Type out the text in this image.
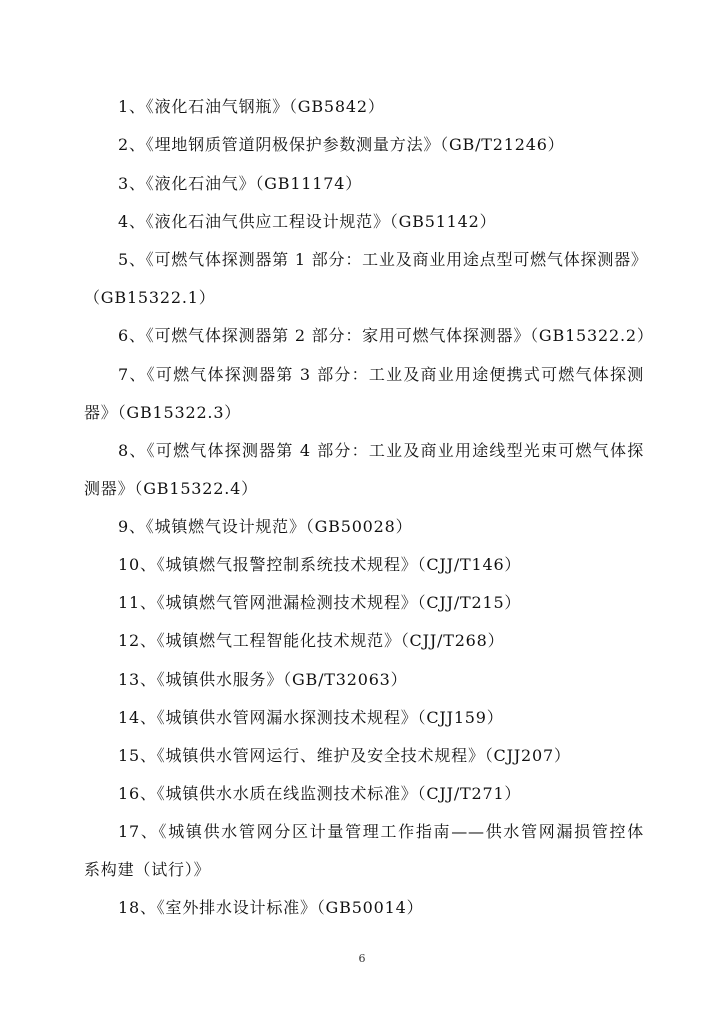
1、《液化石油气钢瓶》（GB5842）
2、《埋地钢质管道阴极保护参数测量方法》（GB/T21246）
3、《液化石油气》（GB11174）
4、《液化石油气供应工程设计规范》（GB51142）
5、《可燃气体探测器第 1 部分：工业及商业用途点型可燃气体探测器》
（GB15322.1）
6、《可燃气体探测器第 2 部分：家用可燃气体探测器》（GB15322.2）
7、《可燃气体探测器第 3 部分：工业及商业用途便携式可燃气体探测
器》（GB15322.3）
8、《可燃气体探测器第 4 部分：工业及商业用途线型光束可燃气体探
测器》（GB15322.4）
9、《城镇燃气设计规范》（GB50028）
10、《城镇燃气报警控制系统技术规程》（CJJ/T146）
11、《城镇燃气管网泄漏检测技术规程》（CJJ/T215）
12、《城镇燃气工程智能化技术规范》（CJJ/T268）
13、《城镇供水服务》（GB/T32063）
14、《城镇供水管网漏水探测技术规程》（CJJ159）
15、《城镇供水管网运行、维护及安全技术规程》（CJJ207）
16、《城镇供水水质在线监测技术标准》（CJJ/T271）
17、《城镇供水管网分区计量管理工作指南——供水管网漏损管控体
系构建（试行）》
18、《室外排水设计标准》（GB50014）
6
